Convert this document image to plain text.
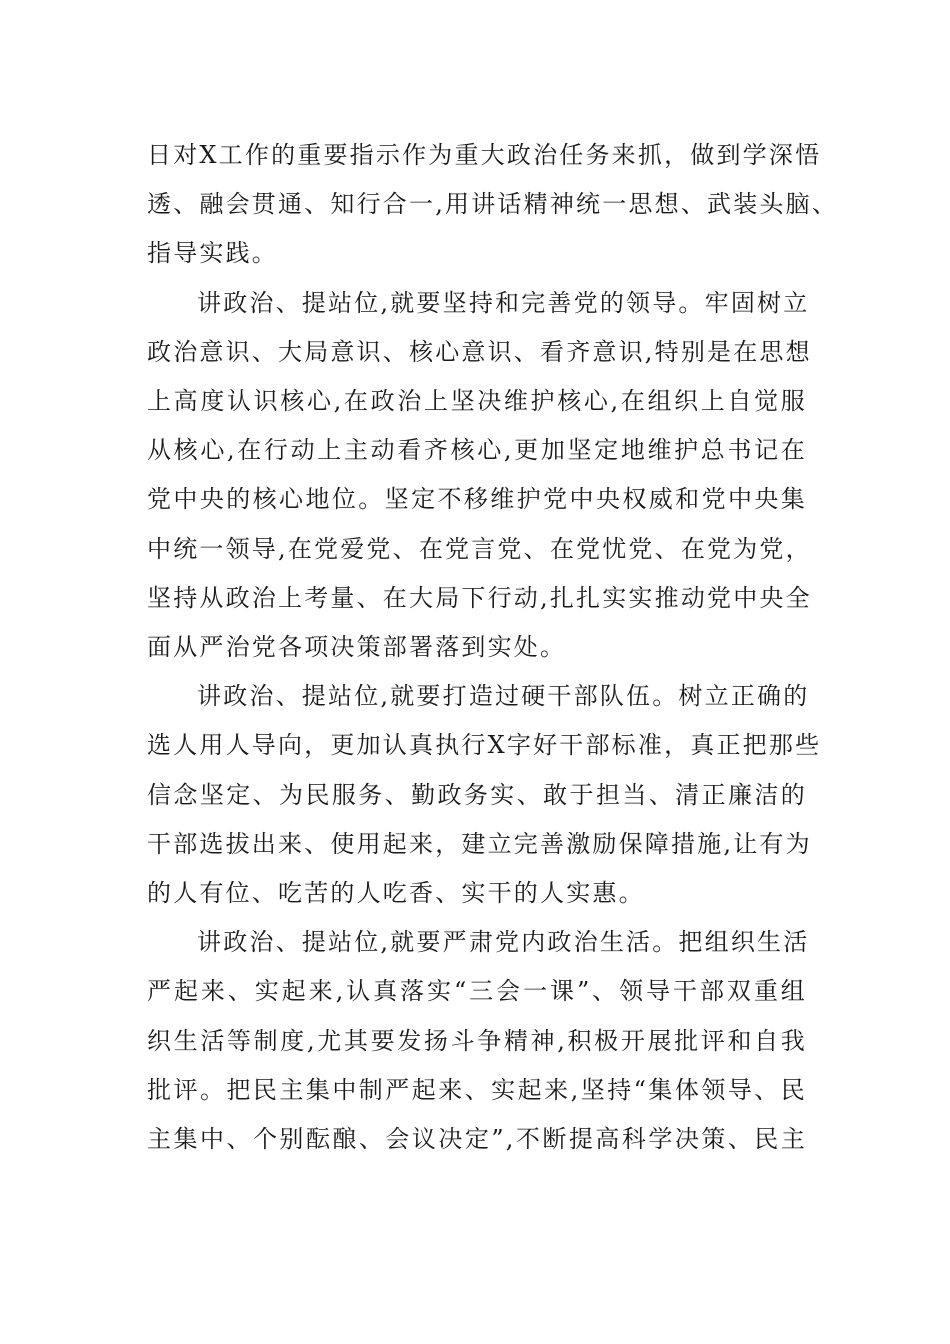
日对X工作的重要指示作为重大政治任务来抓，做到学深悟
透、融会贯通、知行合一,用讲话精神统一思想、武装头脑、
指导实践。
讲政治、提站位,就要坚持和完善党的领导。牢固树立
政治意识、大局意识、核心意识、看齐意识,特别是在思想
上高度认识核心,在政治上坚决维护核心,在组织上自觉服
从核心,在行动上主动看齐核心,更加坚定地维护总书记在
党中央的核心地位。坚定不移维护党中央权威和党中央集
中统一领导,在党爱党、在党言党、在党忧党、在党为党，
坚持从政治上考量、在大局下行动,扎扎实实推动党中央全
面从严治党各项决策部署落到实处。
讲政治、提站位,就要打造过硬干部队伍。树立正确的
选人用人导向，更加认真执行X字好干部标准，真正把那些
信念坚定、为民服务、勤政务实、敢于担当、清正廉洁的
干部选拔出来、使用起来，建立完善激励保障措施,让有为
的人有位、吃苦的人吃香、实干的人实惠。
讲政治、提站位,就要严肃党内政治生活。把组织生活
严起来、实起来,认真落实“三会一课”、领导干部双重组
织生活等制度,尤其要发扬斗争精神,积极开展批评和自我
批评。把民主集中制严起来、实起来,坚持“集体领导、民
主集中、个别酝酿、会议决定”,不断提高科学决策、民主
